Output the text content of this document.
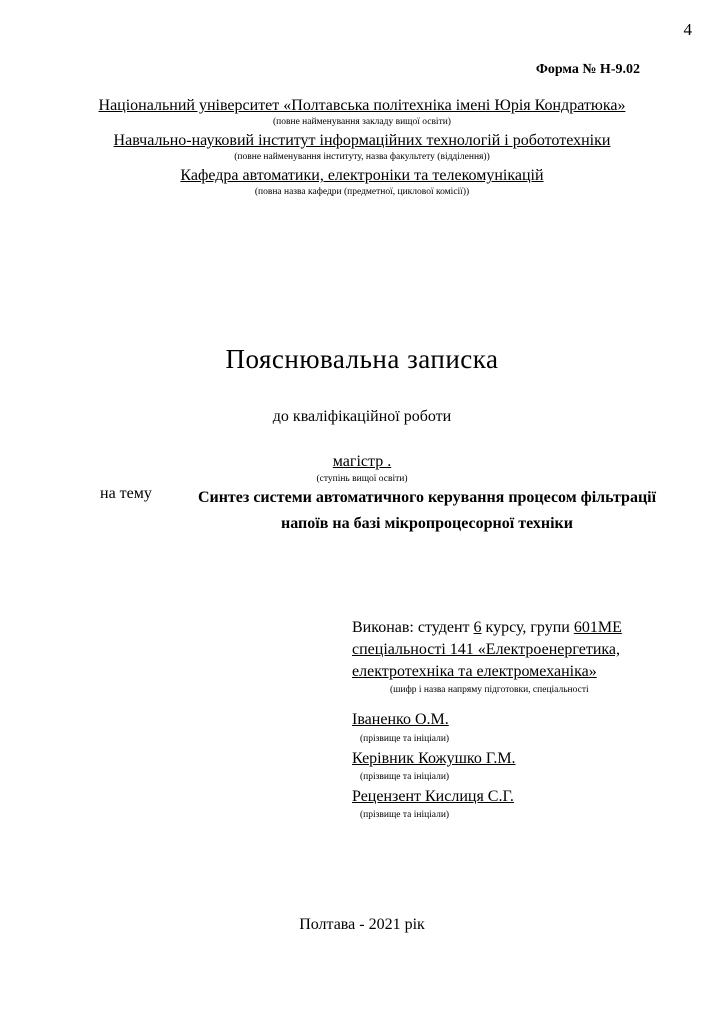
4
Форма № Н-9.02
Національний університет «Полтавська політехніка імені Юрія Кондратюка»
(повне найменування закладу вищої освіти)
Навчально-науковий інститут інформаційних технологій і робототехніки
(повне найменування інституту, назва факультету (відділення))
Кафедра автоматики, електроніки та телекомунікацій
(повна назва кафедри (предметної, циклової комісії))
Пояснювальна записка
до кваліфікаційної роботи
магістр .
(ступінь вищої освіти)
на тему	Синтез системи автоматичного керування процесом фільтрації
напоїв на базі мікропроцесорної техніки
Виконав: студент 6 курсу, групи 601МЕ
спеціальності 141 «Електроенергетика,
електротехніка та електромеханіка»
(шифр і назва напряму підготовки, спеціальності
Іваненко О.М.
(прізвище та ініціали)
Керівник Кожушко Г.М.
(прізвище та ініціали)
Рецензент Кислиця С.Г.
(прізвище та ініціали)
Полтава - 2021 рік
